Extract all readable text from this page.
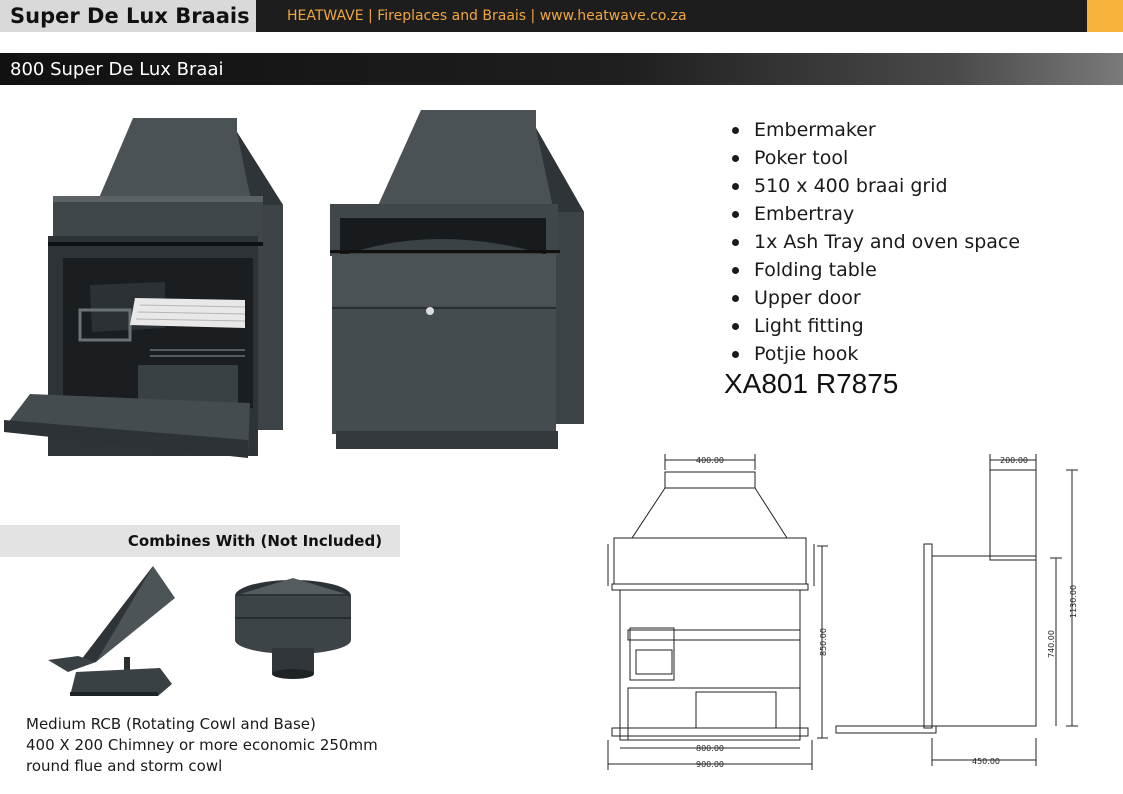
Super De Lux Braais	HEATWAVE | Fireplaces and Braais | www.heatwave.co.za
800 Super De Lux Braai
Embermaker
Poker tool
510 x 400 braai grid
Embertray
1x Ash Tray and oven space
Folding table
Upper door
Light fitting
Potjie hook
XA801 R7875
Combines With (Not Included)
Medium RCB (Rotating Cowl and Base)
400 X 200 Chimney or more economic 250mm
round flue and storm cowl
400.00
800.00
900.00
850.00
200.00
740.00
1130.00
450.00
